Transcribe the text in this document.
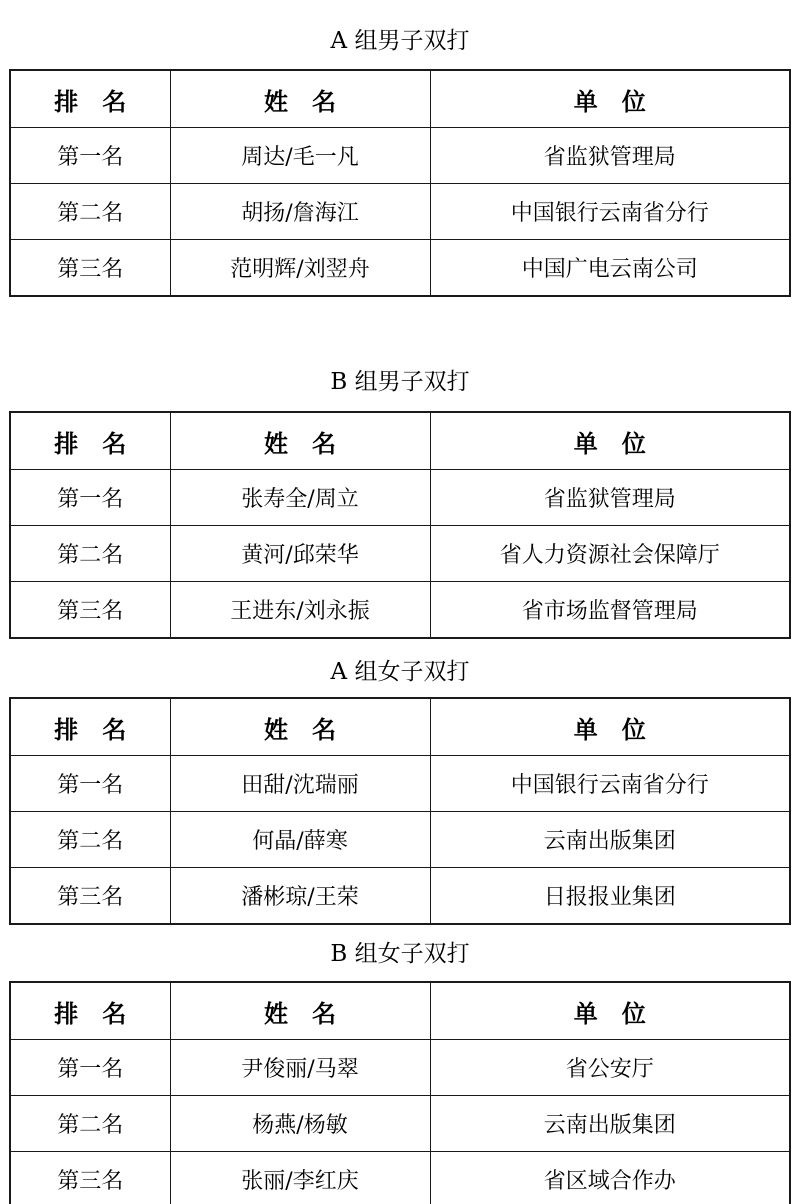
A 组男子双打
排　名	姓　名	单　位
第一名	周达/毛一凡	省监狱管理局
第二名	胡扬/詹海江	中国银行云南省分行
第三名	范明辉/刘翌舟	中国广电云南公司
B 组男子双打
排　名	姓　名	单　位
第一名	张寿全/周立	省监狱管理局
第二名	黄河/邱荣华	省人力资源社会保障厅
第三名	王进东/刘永振	省市场监督管理局
A 组女子双打
排　名	姓　名	单　位
第一名	田甜/沈瑞丽	中国银行云南省分行
第二名	何晶/薛寒	云南出版集团
第三名	潘彬琼/王荣	日报报业集团
B 组女子双打
排　名	姓　名	单　位
第一名	尹俊丽/马翠	省公安厅
第二名	杨燕/杨敏	云南出版集团
第三名	张丽/李红庆	省区域合作办
